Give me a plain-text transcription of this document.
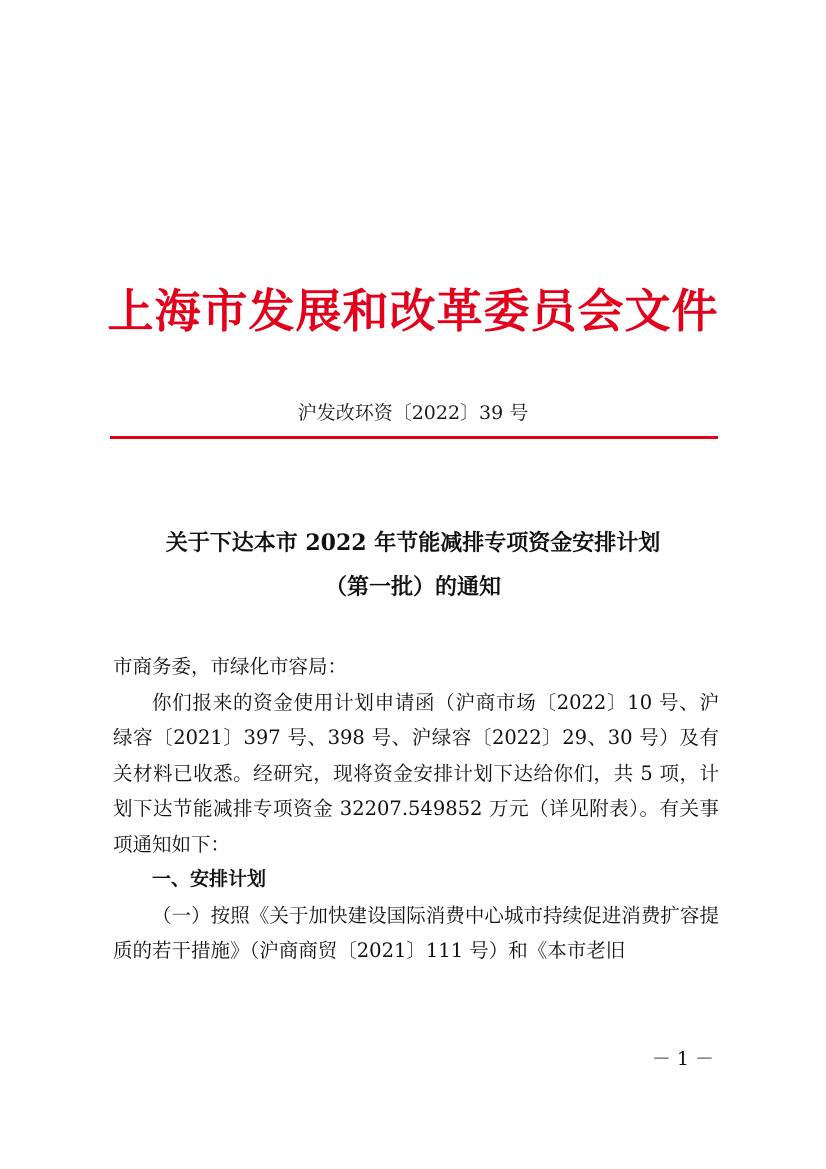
上海市发展和改革委员会文件
沪发改环资〔2022〕39 号
关于下达本市 2022 年节能减排专项资金安排计划
（第一批）的通知

市商务委，市绿化市容局：

你们报来的资金使用计划申请函（沪商市场〔2022〕10 号、沪绿容〔2021〕397 号、398 号、沪绿容〔2022〕29、30 号）及有关材料已收悉。经研究，现将资金安排计划下达给你们，共 5 项，计划下达节能减排专项资金 32207.549852 万元（详见附表）。有关事项通知如下：

一、安排计划

（一）按照《关于加快建设国际消费中心城市持续促进消费扩容提质的若干措施》（沪商商贸〔2021〕111 号）和《本市老旧

－ 1 －
